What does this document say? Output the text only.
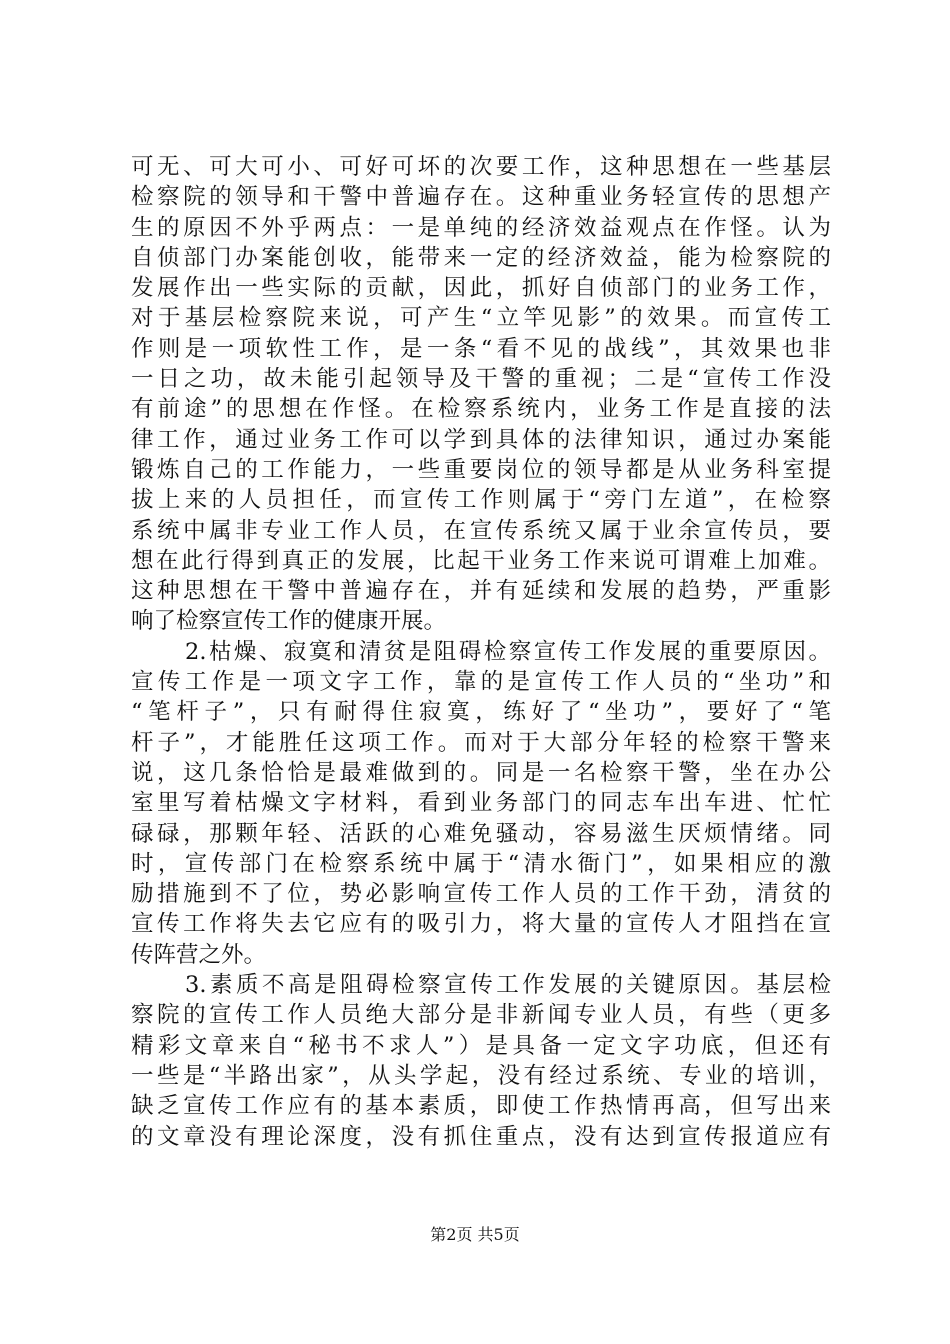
可无、可大可小、可好可坏的次要工作，这种思想在一些基层
检察院的领导和干警中普遍存在。这种重业务轻宣传的思想产
生的原因不外乎两点：一是单纯的经济效益观点在作怪。认为
自侦部门办案能创收，能带来一定的经济效益，能为检察院的
发展作出一些实际的贡献，因此，抓好自侦部门的业务工作，
对于基层检察院来说，可产生“立竿见影”的效果。而宣传工
作则是一项软性工作，是一条“看不见的战线”，其效果也非
一日之功，故未能引起领导及干警的重视；二是“宣传工作没
有前途”的思想在作怪。在检察系统内，业务工作是直接的法
律工作，通过业务工作可以学到具体的法律知识，通过办案能
锻炼自己的工作能力，一些重要岗位的领导都是从业务科室提
拔上来的人员担任，而宣传工作则属于“旁门左道”，在检察
系统中属非专业工作人员，在宣传系统又属于业余宣传员，要
想在此行得到真正的发展，比起干业务工作来说可谓难上加难。
这种思想在干警中普遍存在，并有延续和发展的趋势，严重影
响了检察宣传工作的健康开展。
2.枯燥、寂寞和清贫是阻碍检察宣传工作发展的重要原因。
宣传工作是一项文字工作，靠的是宣传工作人员的“坐功”和
“笔杆子”，只有耐得住寂寞，练好了“坐功”，要好了“笔
杆子”，才能胜任这项工作。而对于大部分年轻的检察干警来
说，这几条恰恰是最难做到的。同是一名检察干警，坐在办公
室里写着枯燥文字材料，看到业务部门的同志车出车进、忙忙
碌碌，那颗年轻、活跃的心难免骚动，容易滋生厌烦情绪。同
时，宣传部门在检察系统中属于“清水衙门”，如果相应的激
励措施到不了位，势必影响宣传工作人员的工作干劲，清贫的
宣传工作将失去它应有的吸引力，将大量的宣传人才阻挡在宣
传阵营之外。
3.素质不高是阻碍检察宣传工作发展的关键原因。基层检
察院的宣传工作人员绝大部分是非新闻专业人员，有些（更多
精彩文章来自“秘书不求人”）是具备一定文字功底，但还有
一些是“半路出家”，从头学起，没有经过系统、专业的培训，
缺乏宣传工作应有的基本素质，即使工作热情再高，但写出来
的文章没有理论深度，没有抓住重点，没有达到宣传报道应有
第2页 共5页
